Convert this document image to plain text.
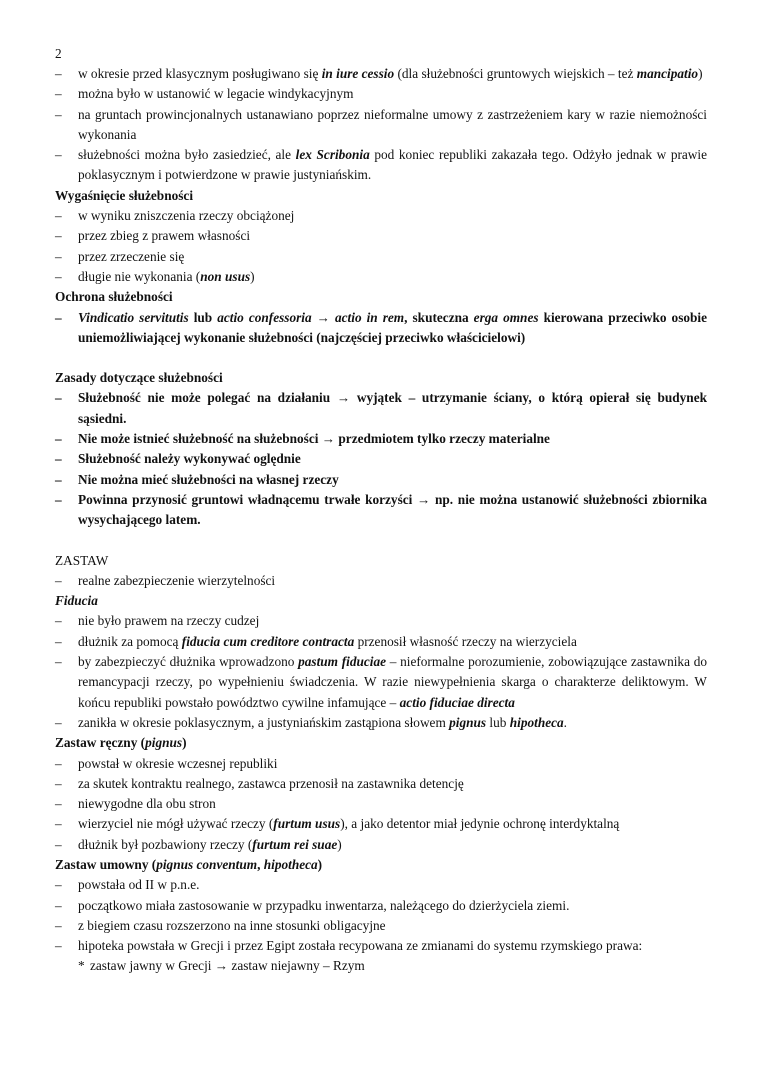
2
– w okresie przed klasycznym posługiwano się in iure cessio (dla służebności gruntowych wiejskich – też mancipatio)
– można było w ustanowić w legacie windykacyjnym
– na gruntach prowincjonalnych ustanawiano poprzez nieformalne umowy z zastrzeżeniem kary w razie niemożności wykonania
– służebności można było zasiedzieć, ale lex Scribonia pod koniec republiki zakazała tego. Odżyło jednak w prawie poklasycznym i potwierdzone w prawie justyniańskim.
Wygaśnięcie służebności
– w wyniku zniszczenia rzeczy obciążonej
– przez zbieg z prawem własności
– przez zrzeczenie się
– długie nie wykonania (non usus)
Ochrona służebności
– Vindicatio servitutis lub actio confessoria → actio in rem, skuteczna erga omnes kierowana przeciwko osobie uniemożliwiającej wykonanie służebności (najczęściej przeciwko właścicielowi)
Zasady dotyczące służebności
– Służebność nie może polegać na działaniu → wyjątek – utrzymanie ściany, o którą opierał się budynek sąsiedni.
– Nie może istnieć służebność na służebności → przedmiotem tylko rzeczy materialne
– Służebność należy wykonywać oględnie
– Nie można mieć służebności na własnej rzeczy
– Powinna przynosić gruntowi władnącemu trwałe korzyści → np. nie można ustanowić służebności zbiornika wysychającego latem.
ZASTAW
– realne zabezpieczenie wierzytelności
Fiducia
– nie było prawem na rzeczy cudzej
– dłużnik za pomocą fiducia cum creditore contracta przenosił własność rzeczy na wierzyciela
– by zabezpieczyć dłużnika wprowadzono pastum fiduciae – nieformalne porozumienie, zobowiązujące zastawnika do remancypacji rzeczy, po wypełnieniu świadczenia. W razie niewypełnienia skarga o charakterze deliktowym. W końcu republiki powstało powództwo cywilne infamujące – actio fiduciae directa
– zanikła w okresie poklasycznym, a justyniańskim zastąpiona słowem pignus lub hipotheca.
Zastaw ręczny (pignus)
– powstał w okresie wczesnej republiki
– za skutek kontraktu realnego, zastawca przenosił na zastawnika detencję
– niewygodne dla obu stron
– wierzyciel nie mógł używać rzeczy (furtum usus), a jako detentor miał jedynie ochronę interdyktalną
– dłużnik był pozbawiony rzeczy (furtum rei suae)
Zastaw umowny (pignus conventum, hipotheca)
– powstała od II w p.n.e.
– początkowo miała zastosowanie w przypadku inwentarza, należącego do dzierżyciela ziemi.
– z biegiem czasu rozszerzono na inne stosunki obligacyjne
– hipoteka powstała w Grecji i przez Egipt została recypowana ze zmianami do systemu rzymskiego prawa:
* zastaw jawny w Grecji → zastaw niejawny – Rzym
